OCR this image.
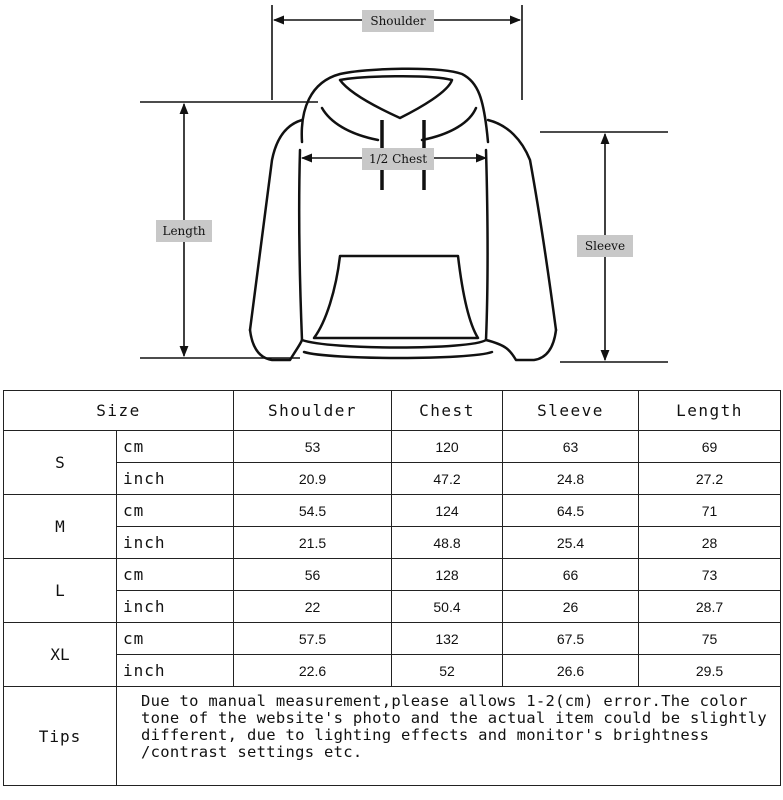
Shoulder
1/2 Chest
Length
Sleeve
Size		Shoulder	Chest	Sleeve	Length
S	cm	53	120	63	69
	inch	20.9	47.2	24.8	27.2
M	cm	54.5	124	64.5	71
	inch	21.5	48.8	25.4	28
L	cm	56	128	66	73
	inch	22	50.4	26	28.7
XL	cm	57.5	132	67.5	75
	inch	22.6	52	26.6	29.5
Tips	Due to manual measurement,please allows 1-2(cm) error.The color tone of the website's photo and the actual item could be slightly different, due to lighting effects and monitor's brightness /contrast settings etc.				
